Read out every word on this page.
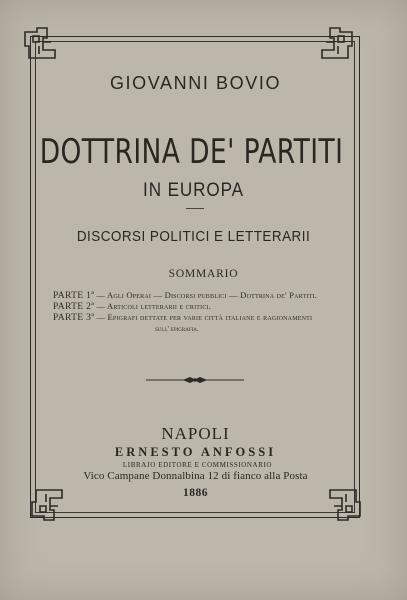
GIOVANNI BOVIO
DOTTRINA DE' PARTITI
IN EUROPA
DISCORSI POLITICI E LETTERARII
SOMMARIO
PARTE 1ª — Agli Operai — Discorsi pubblici — Dottrina de' Partiti.
PARTE 2ª — Articoli letterarii e critici.
PARTE 3ª — Epigrafi dettate per varie città italiane e ragionamenti
sull' epigrafia.
NAPOLI
ERNESTO ANFOSSI
LIBRAJO EDITORE E COMMISSIONARIO
Vico Campane Donnalbina 12 di fianco alla Posta
1886
